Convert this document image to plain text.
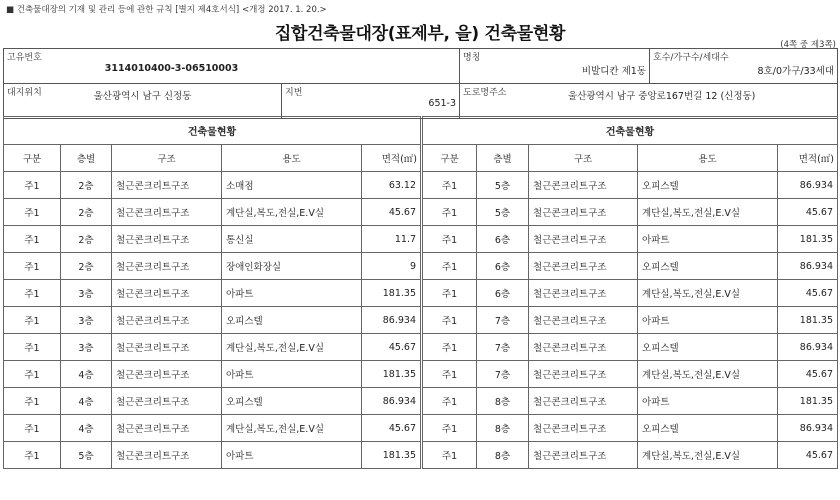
■ 건축물대장의 기재 및 관리 등에 관한 규칙 [별지 제4호서식] <개정 2017. 1. 20.>
집합건축물대장(표제부, 을) 건축물현황
(4쪽 중 제3쪽)
고유번호
3114010400-3-06510003		명칭
비발디칸 제1동	호수/가구수/세대수
8호/0가구/33세대

대지위치 울산광역시 남구 신정동	지번
651-3	도로명주소 울산광역시 남구 중앙로167번길 12 (신정동)	
건축물현황					건축물현황				
구분	층별	구조	용도	면적(㎡)	구분	층별	구조	용도	면적(㎡)
주1	2층	철근콘크리트구조	소매점	63.12	주1	5층	철근콘크리트구조	오피스텔	86.934
주1	2층	철근콘크리트구조	계단실,복도,전실,E.V실	45.67	주1	5층	철근콘크리트구조	계단실,복도,전실,E.V실	45.67
주1	2층	철근콘크리트구조	통신실	11.7	주1	6층	철근콘크리트구조	아파트	181.35
주1	2층	철근콘크리트구조	장애인화장실	9	주1	6층	철근콘크리트구조	오피스텔	86.934
주1	3층	철근콘크리트구조	아파트	181.35	주1	6층	철근콘크리트구조	계단실,복도,전실,E.V실	45.67
주1	3층	철근콘크리트구조	오피스텔	86.934	주1	7층	철근콘크리트구조	아파트	181.35
주1	3층	철근콘크리트구조	계단실,복도,전실,E.V실	45.67	주1	7층	철근콘크리트구조	오피스텔	86.934
주1	4층	철근콘크리트구조	아파트	181.35	주1	7층	철근콘크리트구조	계단실,복도,전실,E.V실	45.67
주1	4층	철근콘크리트구조	오피스텔	86.934	주1	8층	철근콘크리트구조	아파트	181.35
주1	4층	철근콘크리트구조	계단실,복도,전실,E.V실	45.67	주1	8층	철근콘크리트구조	오피스텔	86.934
주1	5층	철근콘크리트구조	아파트	181.35	주1	8층	철근콘크리트구조	계단실,복도,전실,E.V실	45.67
